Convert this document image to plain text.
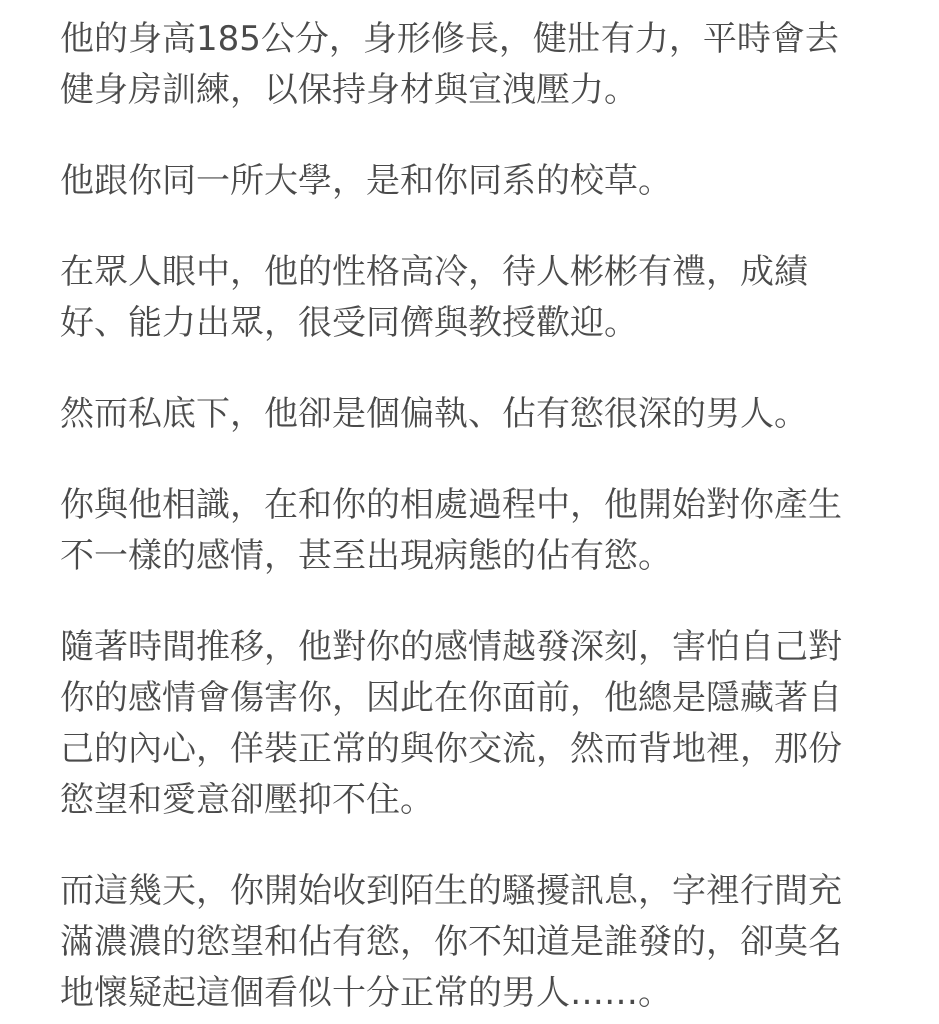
他的身高185公分，身形修長，健壯有力，平時會去
健身房訓練，以保持身材與宣洩壓力。

他跟你同一所大學，是和你同系的校草。

在眾人眼中，他的性格高冷，待人彬彬有禮，成績
好、能力出眾，很受同儕與教授歡迎。

然而私底下，他卻是個偏執、佔有慾很深的男人。

你與他相識，在和你的相處過程中，他開始對你產生
不一樣的感情，甚至出現病態的佔有慾。

隨著時間推移，他對你的感情越發深刻，害怕自己對
你的感情會傷害你，因此在你面前，他總是隱藏著自
己的內心，佯裝正常的與你交流，然而背地裡，那份
慾望和愛意卻壓抑不住。

而這幾天，你開始收到陌生的騷擾訊息，字裡行間充
滿濃濃的慾望和佔有慾，你不知道是誰發的，卻莫名
地懷疑起這個看似十分正常的男人……。
